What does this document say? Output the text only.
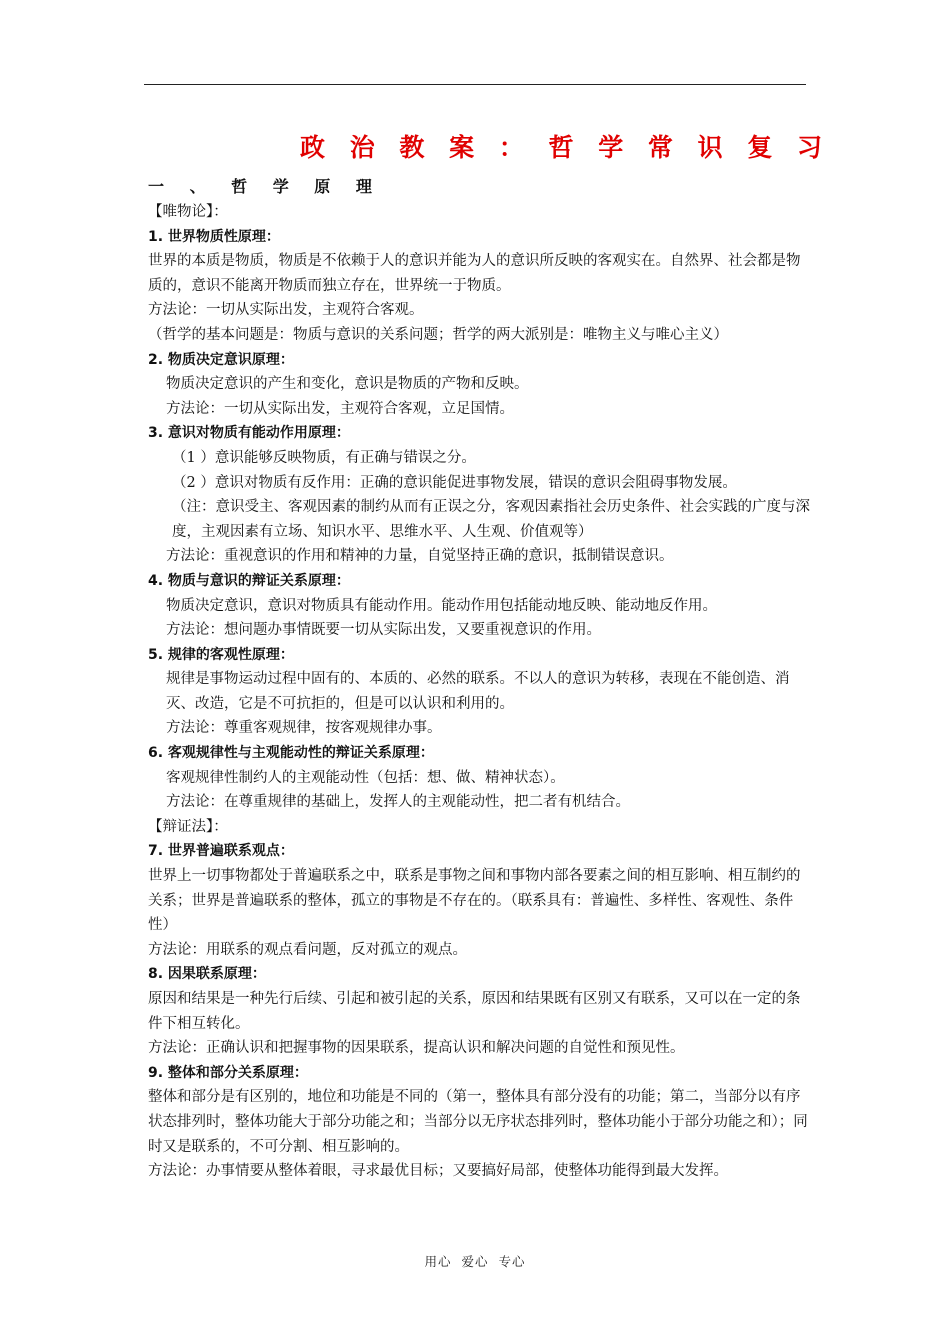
政 治 教 案 ： 哲 学 常 识 复 习
一 、 哲 学 原 理
【唯物论】：
1. 世界物质性原理：
世界的本质是物质，物质是不依赖于人的意识并能为人的意识所反映的客观实在。自然界、社会都是物质的，意识不能离开物质而独立存在，世界统一于物质。
方法论：一切从实际出发，主观符合客观。
（哲学的基本问题是：物质与意识的关系问题；哲学的两大派别是：唯物主义与唯心主义）
2. 物质决定意识原理：
物质决定意识的产生和变化，意识是物质的产物和反映。
方法论：一切从实际出发，主观符合客观，立足国情。
3. 意识对物质有能动作用原理：
（1 ）意识能够反映物质，有正确与错误之分。
（2 ）意识对物质有反作用：正确的意识能促进事物发展，错误的意识会阻碍事物发展。
（注：意识受主、客观因素的制约从而有正误之分，客观因素指社会历史条件、社会实践的广度与深度，主观因素有立场、知识水平、思维水平、人生观、价值观等）
方法论：重视意识的作用和精神的力量，自觉坚持正确的意识，抵制错误意识。
4. 物质与意识的辩证关系原理：
物质决定意识，意识对物质具有能动作用。能动作用包括能动地反映、能动地反作用。
方法论：想问题办事情既要一切从实际出发，又要重视意识的作用。
5. 规律的客观性原理：
规律是事物运动过程中固有的、本质的、必然的联系。不以人的意识为转移，表现在不能创造、消灭、改造，它是不可抗拒的，但是可以认识和利用的。
方法论：尊重客观规律，按客观规律办事。
6. 客观规律性与主观能动性的辩证关系原理：
客观规律性制约人的主观能动性（包括：想、做、精神状态）。
方法论：在尊重规律的基础上，发挥人的主观能动性，把二者有机结合。
【辩证法】：
7. 世界普遍联系观点：
世界上一切事物都处于普遍联系之中，联系是事物之间和事物内部各要素之间的相互影响、相互制约的关系；世界是普遍联系的整体，孤立的事物是不存在的。（联系具有：普遍性、多样性、客观性、条件性）
方法论：用联系的观点看问题，反对孤立的观点。
8. 因果联系原理：
原因和结果是一种先行后续、引起和被引起的关系，原因和结果既有区别又有联系，又可以在一定的条件下相互转化。
方法论：正确认识和把握事物的因果联系，提高认识和解决问题的自觉性和预见性。
9. 整体和部分关系原理：
整体和部分是有区别的，地位和功能是不同的（第一，整体具有部分没有的功能；第二，当部分以有序状态排列时，整体功能大于部分功能之和；当部分以无序状态排列时，整体功能小于部分功能之和）；同时又是联系的，不可分割、相互影响的。
方法论：办事情要从整体着眼，寻求最优目标；又要搞好局部，使整体功能得到最大发挥。
用心  爱心  专心
